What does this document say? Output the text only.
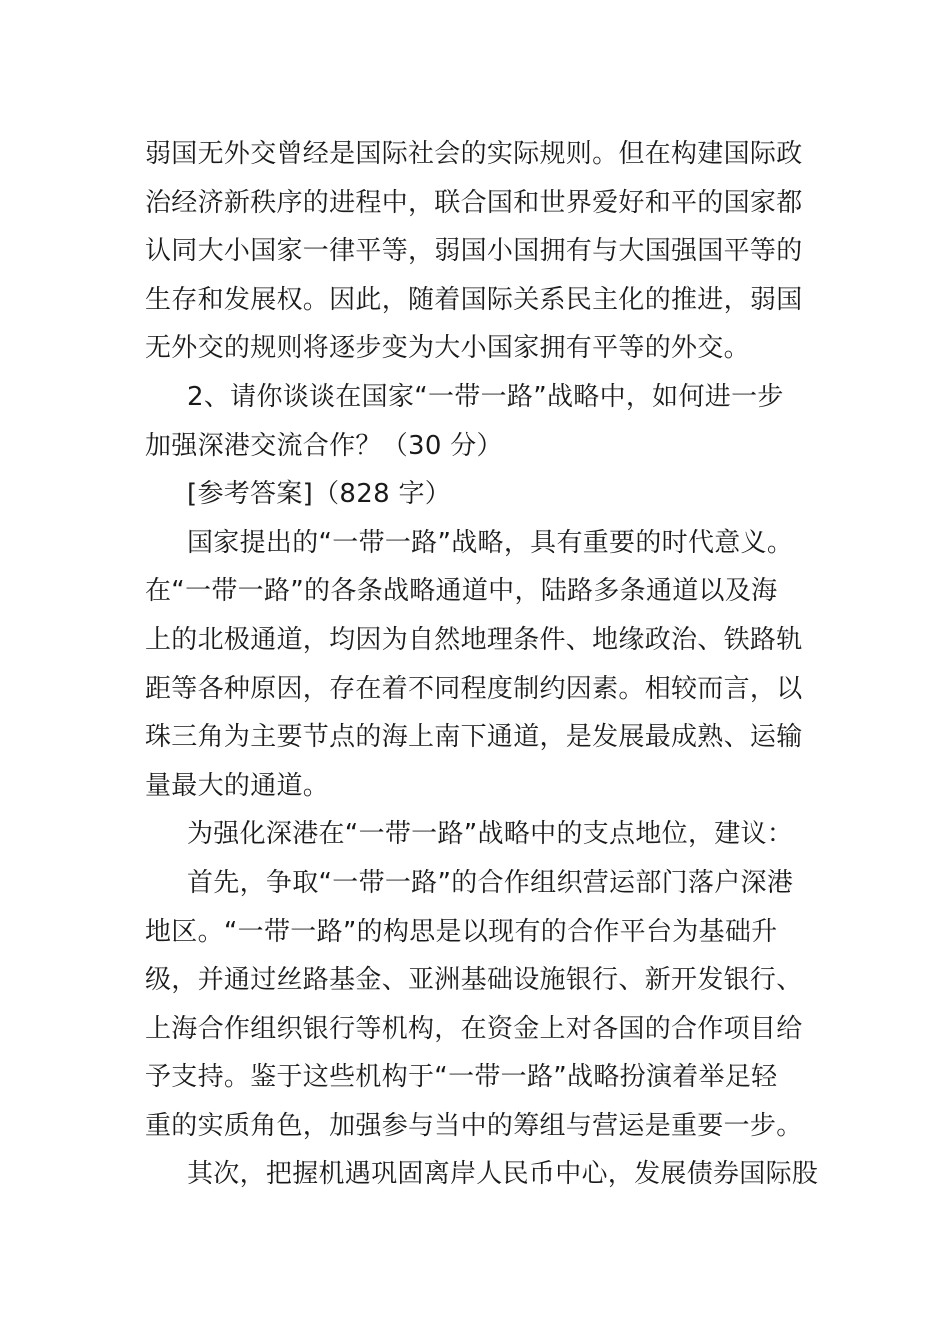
弱国无外交曾经是国际社会的实际规则。但在构建国际政
治经济新秩序的进程中，联合国和世界爱好和平的国家都
认同大小国家一律平等，弱国小国拥有与大国强国平等的
生存和发展权。因此，随着国际关系民主化的推进，弱国
无外交的规则将逐步变为大小国家拥有平等的外交。

2、请你谈谈在国家“一带一路”战略中，如何进一步
加强深港交流合作？（30 分）

[参考答案]（828 字）

国家提出的“一带一路”战略，具有重要的时代意义。
在“一带一路”的各条战略通道中，陆路多条通道以及海
上的北极通道，均因为自然地理条件、地缘政治、铁路轨
距等各种原因，存在着不同程度制约因素。相较而言，以
珠三角为主要节点的海上南下通道，是发展最成熟、运输
量最大的通道。

为强化深港在“一带一路”战略中的支点地位，建议：

首先，争取“一带一路”的合作组织营运部门落户深港
地区。“一带一路”的构思是以现有的合作平台为基础升
级，并通过丝路基金、亚洲基础设施银行、新开发银行、
上海合作组织银行等机构，在资金上对各国的合作项目给
予支持。鉴于这些机构于“一带一路”战略扮演着举足轻
重的实质角色，加强参与当中的筹组与营运是重要一步。

其次，把握机遇巩固离岸人民币中心，发展债券国际股
